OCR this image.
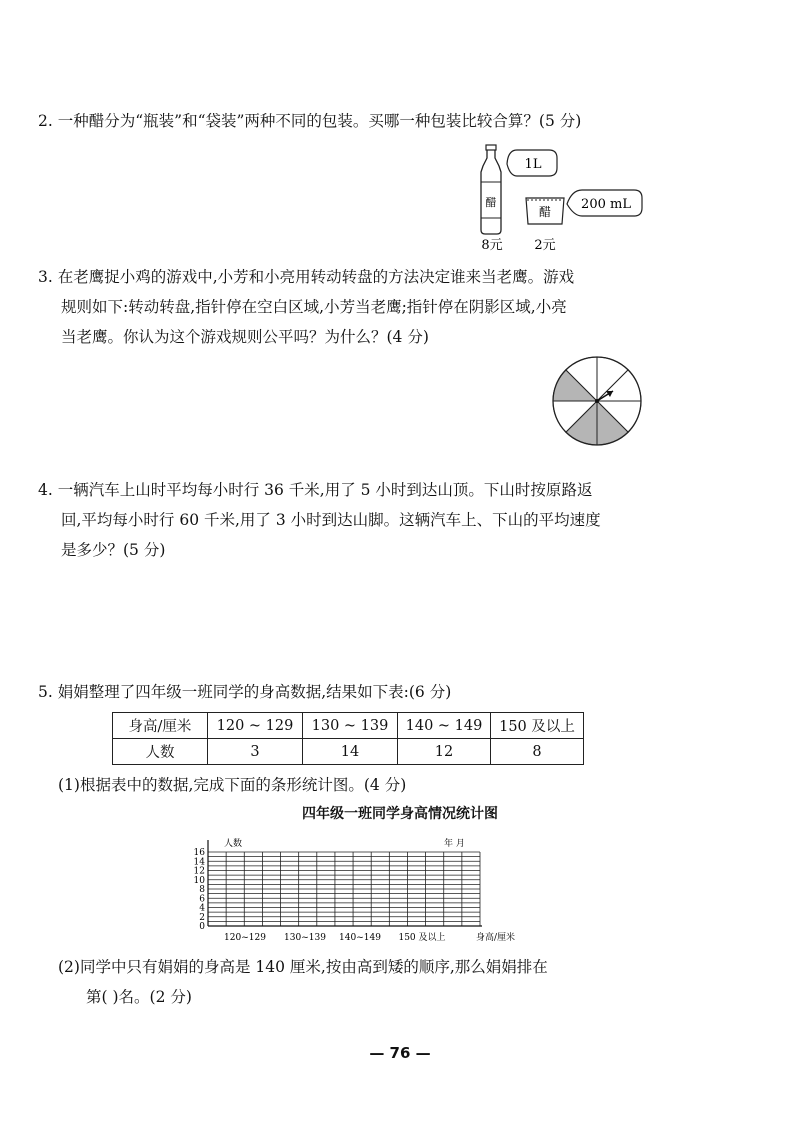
2. 一种醋分为“瓶装”和“袋装”两种不同的包装。买哪一种包装比较合算？(5 分)
醋
1L
醋 200 mL
8元 2元
3. 在老鹰捉小鸡的游戏中,小芳和小亮用转动转盘的方法决定谁来当老鹰。游戏
规则如下:转动转盘,指针停在空白区域,小芳当老鹰;指针停在阴影区域,小亮
当老鹰。你认为这个游戏规则公平吗？为什么？(4 分)
4. 一辆汽车上山时平均每小时行 36 千米,用了 5 小时到达山顶。下山时按原路返
回,平均每小时行 60 千米,用了 3 小时到达山脚。这辆汽车上、下山的平均速度
是多少？(5 分)
5. 娟娟整理了四年级一班同学的身高数据,结果如下表:(6 分)
身高/厘米	120 ~ 129	130 ~ 139	140 ~ 149	150 及以上
人数	3	14	12	8
(1)根据表中的数据,完成下面的条形统计图。(4 分)
四年级一班同学身高情况统计图
0
2
4
6
8
10
12
14
16
120~129 130~139 140~149 150 及以上
人数	年 月
身高/厘米
(2)同学中只有娟娟的身高是 140 厘米,按由高到矮的顺序,那么娟娟排在
第( )名。(2 分)
— 76 —
